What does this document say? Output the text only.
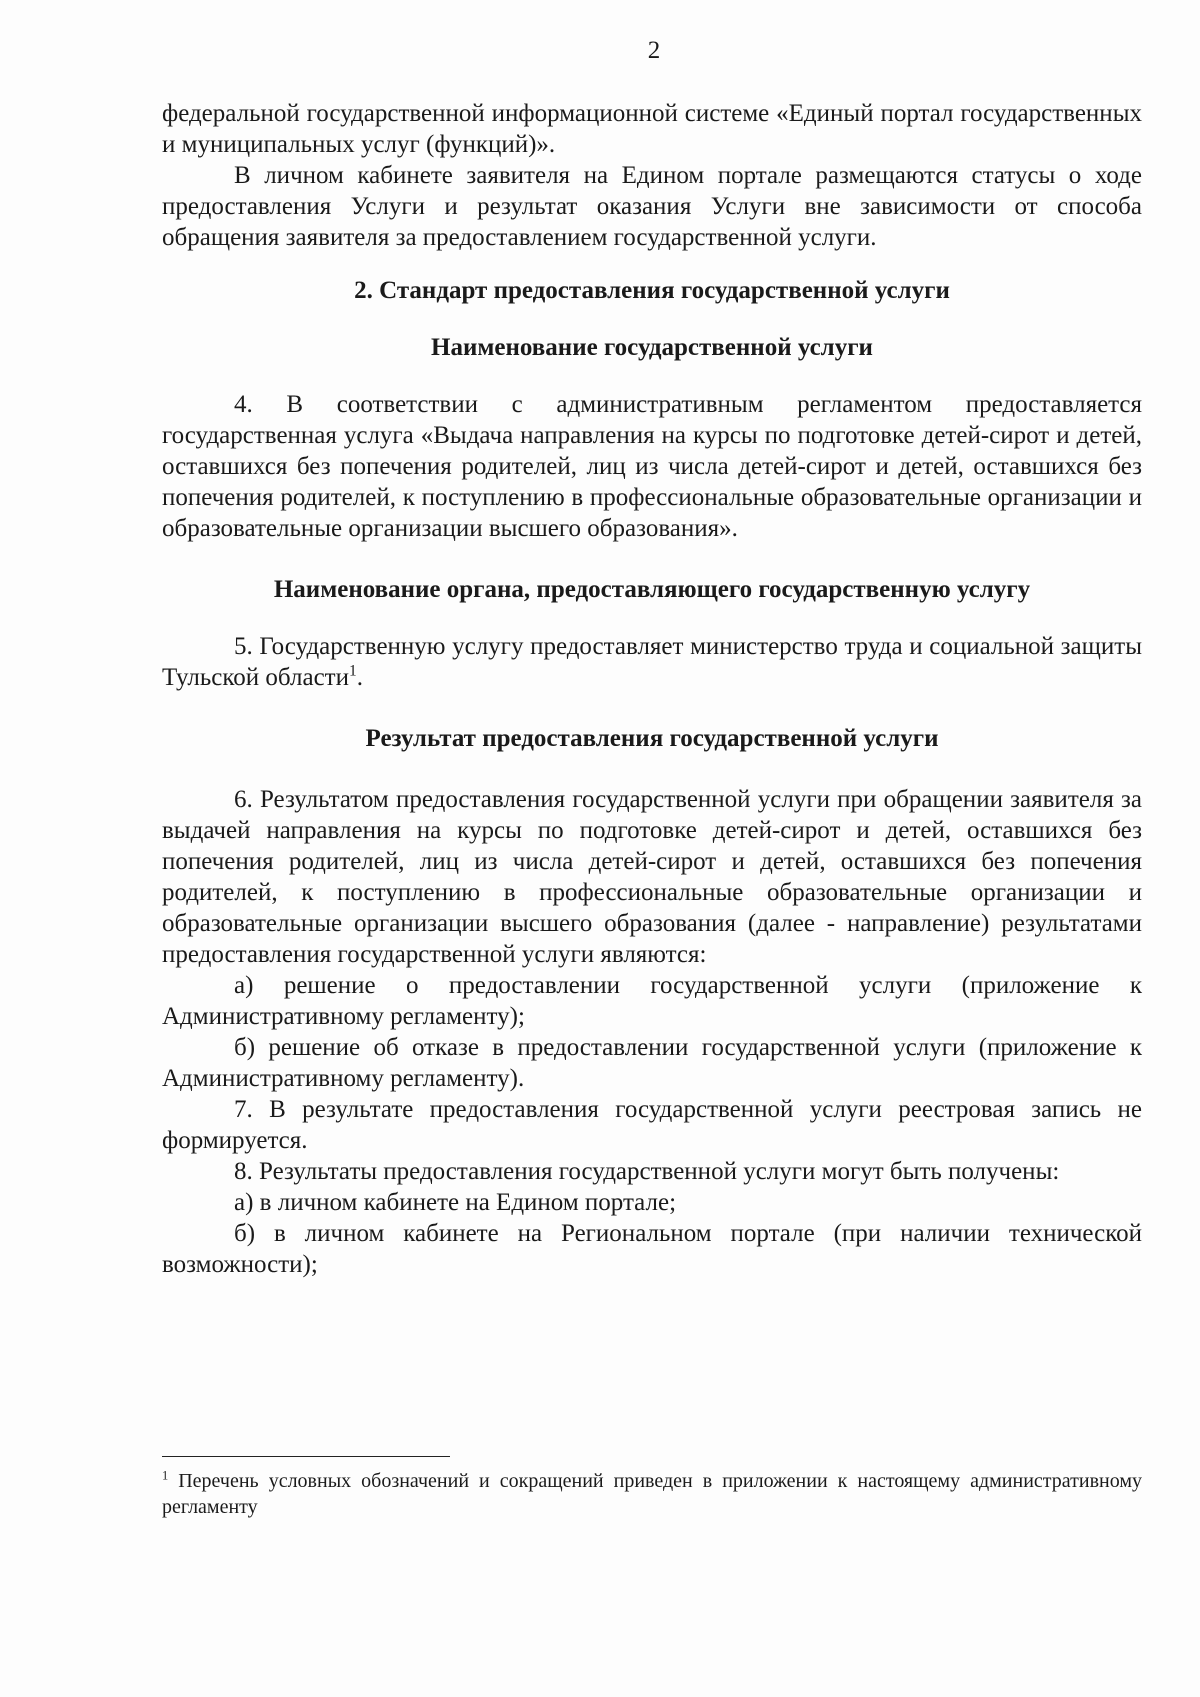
2

федеральной государственной информационной системе «Единый портал государственных и муниципальных услуг (функций)».

В личном кабинете заявителя на Едином портале размещаются статусы о ходе предоставления Услуги и результат оказания Услуги вне зависимости от способа обращения заявителя за предоставлением государственной услуги.

2. Стандарт предоставления государственной услуги

Наименование государственной услуги

4. В соответствии с административным регламентом предоставляется государственная услуга «Выдача направления на курсы по подготовке детей-сирот и детей, оставшихся без попечения родителей, лиц из числа детей-сирот и детей, оставшихся без попечения родителей, к поступлению в профессиональные образовательные организации и образовательные организации высшего образования».

Наименование органа, предоставляющего государственную услугу

5. Государственную услугу предоставляет министерство труда и социальной защиты Тульской области$^1$.

Результат предоставления государственной услуги

6. Результатом предоставления государственной услуги при обращении заявителя за выдачей направления на курсы по подготовке детей-сирот и детей, оставшихся без попечения родителей, лиц из числа детей-сирот и детей, оставшихся без попечения родителей, к поступлению в профессиональные образовательные организации и образовательные организации высшего образования (далее - направление) результатами предоставления государственной услуги являются:

а) решение о предоставлении государственной услуги (приложение к Административному регламенту);

б) решение об отказе в предоставлении государственной услуги (приложение к Административному регламенту).

7. В результате предоставления государственной услуги реестровая запись не формируется.

8. Результаты предоставления государственной услуги могут быть получены:

а) в личном кабинете на Едином портале;

б) в личном кабинете на Региональном портале (при наличии технической возможности);

$^1$ Перечень условных обозначений и сокращений приведен в приложении к настоящему административному регламенту
